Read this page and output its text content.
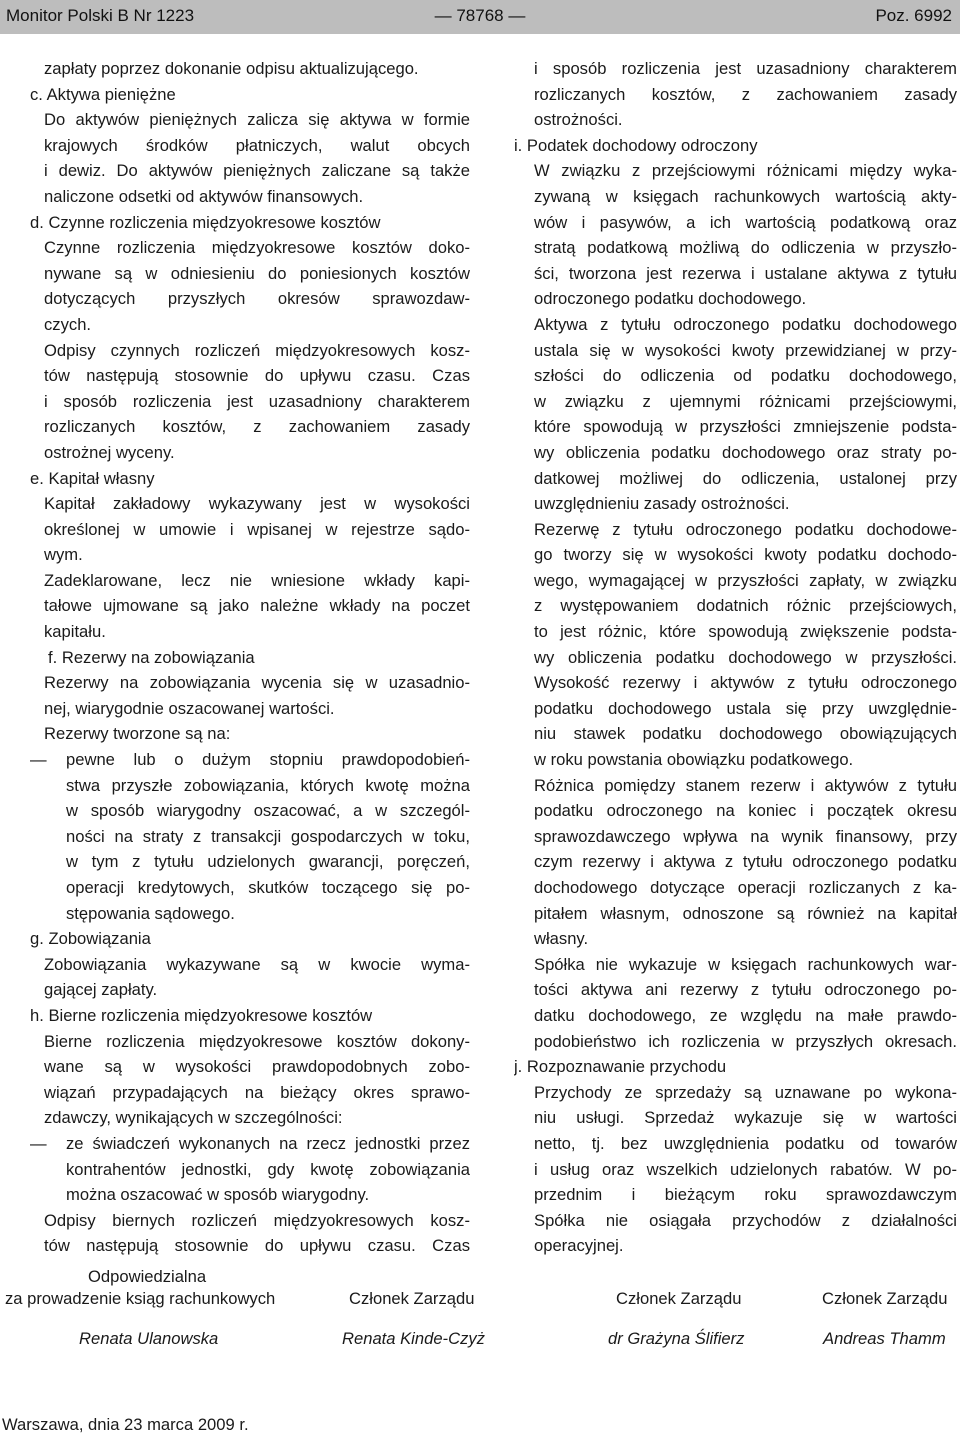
Monitor Polski B Nr 1223	— 78768 —	Poz. 6992
zapłaty poprzez dokonanie odpisu aktualizującego.
c. Aktywa pieniężne
Do aktywów pieniężnych zalicza się aktywa w formie
krajowych środków płatniczych, walut obcych
i dewiz. Do aktywów pieniężnych zaliczane są także
naliczone odsetki od aktywów finansowych.
d. Czynne rozliczenia międzyokresowe kosztów
Czynne rozliczenia międzyokresowe kosztów doko-
nywane są w odniesieniu do poniesionych kosztów
dotyczących przyszłych okresów sprawozdaw-
czych.
Odpisy czynnych rozliczeń międzyokresowych kosz-
tów następują stosownie do upływu czasu. Czas
i sposób rozliczenia jest uzasadniony charakterem
rozliczanych kosztów, z zachowaniem zasady
ostrożnej wyceny.
e. Kapitał własny
Kapitał zakładowy wykazywany jest w wysokości
określonej w umowie i wpisanej w rejestrze sądo-
wym.
Zadeklarowane, lecz nie wniesione wkłady kapi-
tałowe ujmowane są jako należne wkłady na poczet
kapitału.
f. Rezerwy na zobowiązania
Rezerwy na zobowiązania wycenia się w uzasadnio-
nej, wiarygodnie oszacowanej wartości.
Rezerwy tworzone są na:
—	pewne lub o dużym stopniu prawdopodobień-
stwa przyszłe zobowiązania, których kwotę można
w sposób wiarygodny oszacować, a w szczegól-
ności na straty z transakcji gospodarczych w toku,
w tym z tytułu udzielonych gwarancji, poręczeń,
operacji kredytowych, skutków toczącego się po-
stępowania sądowego.
g. Zobowiązania
Zobowiązania wykazywane są w kwocie wyma-
gającej zapłaty.
h. Bierne rozliczenia międzyokresowe kosztów
Bierne rozliczenia międzyokresowe kosztów dokony-
wane są w wysokości prawdopodobnych zobo-
wiązań przypadających na bieżący okres sprawo-
zdawczy, wynikających w szczególności:
—	ze świadczeń wykonanych na rzecz jednostki przez
kontrahentów jednostki, gdy kwotę zobowiązania
można oszacować w sposób wiarygodny.
Odpisy biernych rozliczeń międzyokresowych kosz-
tów następują stosownie do upływu czasu. Czas
i sposób rozliczenia jest uzasadniony charakterem
rozliczanych kosztów, z zachowaniem zasady
ostrożności.
i. Podatek dochodowy odroczony
W związku z przejściowymi różnicami między wyka-
zywaną w księgach rachunkowych wartością akty-
wów i pasywów, a ich wartością podatkową oraz
stratą podatkową możliwą do odliczenia w przyszło-
ści, tworzona jest rezerwa i ustalane aktywa z tytułu
odroczonego podatku dochodowego.
Aktywa z tytułu odroczonego podatku dochodowego
ustala się w wysokości kwoty przewidzianej w przy-
szłości do odliczenia od podatku dochodowego,
w związku z ujemnymi różnicami przejściowymi,
które spowodują w przyszłości zmniejszenie podsta-
wy obliczenia podatku dochodowego oraz straty po-
datkowej możliwej do odliczenia, ustalonej przy
uwzględnieniu zasady ostrożności.
Rezerwę z tytułu odroczonego podatku dochodowe-
go tworzy się w wysokości kwoty podatku dochodo-
wego, wymagającej w przyszłości zapłaty, w związku
z występowaniem dodatnich różnic przejściowych,
to jest różnic, które spowodują zwiększenie podsta-
wy obliczenia podatku dochodowego w przyszłości.
Wysokość rezerwy i aktywów z tytułu odroczonego
podatku dochodowego ustala się przy uwzględnie-
niu stawek podatku dochodowego obowiązujących
w roku powstania obowiązku podatkowego.
Różnica pomiędzy stanem rezerw i aktywów z tytułu
podatku odroczonego na koniec i początek okresu
sprawozdawczego wpływa na wynik finansowy, przy
czym rezerwy i aktywa z tytułu odroczonego podatku
dochodowego dotyczące operacji rozliczanych z ka-
pitałem własnym, odnoszone są również na kapitał
własny.
Spółka nie wykazuje w księgach rachunkowych war-
tości aktywa ani rezerwy z tytułu odroczonego po-
datku dochodowego, ze względu na małe prawdo-
podobieństwo ich rozliczenia w przyszłych okresach.
j. Rozpoznawanie przychodu
Przychody ze sprzedaży są uznawane po wykona-
niu usługi. Sprzedaż wykazuje się w wartości
netto, tj. bez uwzględnienia podatku od towarów
i usług oraz wszelkich udzielonych rabatów. W po-
przednim i bieżącym roku sprawozdawczym
Spółka nie osiągała przychodów z działalności
operacyjnej.
Odpowiedzialna
za prowadzenie ksiąg rachunkowych	Członek Zarządu	Członek Zarządu	Członek Zarządu
Renata Ulanowska	Renata Kinde-Czyż	dr Grażyna Ślifierz	Andreas Thamm
Warszawa, dnia 23 marca 2009 r.
